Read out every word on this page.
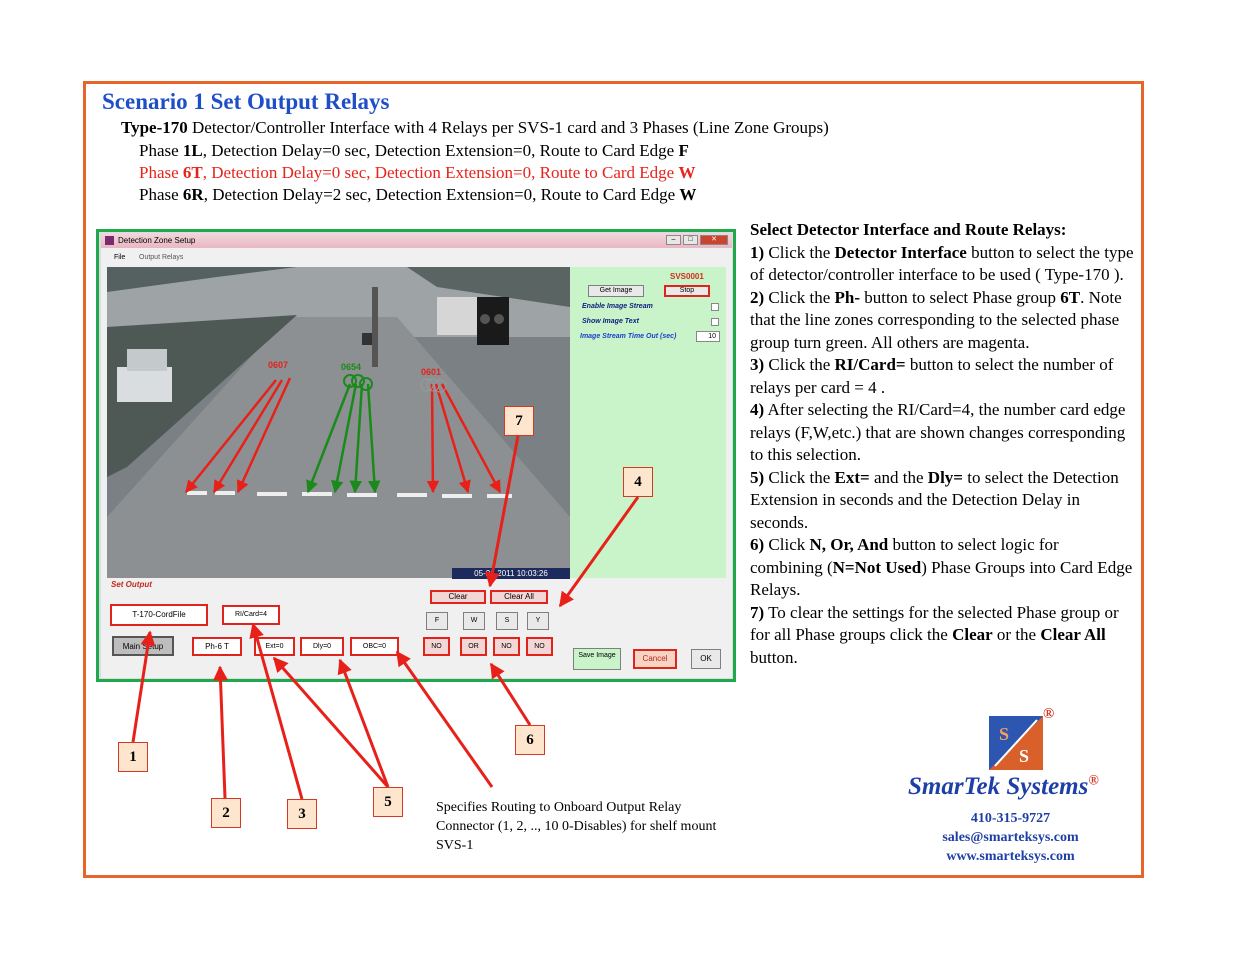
Scenario 1 Set Output Relays
Type-170 Detector/Controller Interface with 4 Relays per SVS-1 card and 3 Phases (Line Zone Groups)
Phase 1L, Detection Delay=0 sec, Detection Extension=0, Route to Card Edge F
Phase 6T, Detection Delay=0 sec, Detection Extension=0, Route to Card Edge W
Phase 6R, Detection Delay=2 sec, Detection Extension=0, Route to Card Edge W
Detection Zone Setup	–	□	✕
File Output Relays
05-21-2011 10:03:26
SVS0001
Get Image	Stop
Enable Image Stream
Show Image Text
Image Stream Time Out (sec)	10
Set Output
Clear	Clear All
F	W	S	Y
T-170-CordFile	RI/Card=4
Main Setup	Ph-6 T	Ext=0	Dly=0	OBC=0	NO	OR	NO	NO
Save Image	Cancel	OK
0607	0654	0601
1
2	3
4
5
6
7
Specifies Routing to Onboard Output Relay Connector (1, 2, .., 10 0-Disables) for shelf mount SVS-1
Select Detector Interface and Route Relays:
1) Click the Detector Interface button to select the type of detector/controller interface to be used ( Type-170 ).
2) Click the Ph- button to select Phase group 6T. Note that the line zones corresponding to the selected phase group turn green. All others are magenta.
3) Click the RI/Card= button to select the number of relays per card = 4 .
4) After selecting the RI/Card=4, the number card edge relays (F,W,etc.) that are shown changes corresponding to this selection.
5) Click the Ext= and the Dly= to select the Detection Extension in seconds and the Detection Delay in seconds.
6) Click N, Or, And button to select logic for combining (N=Not Used) Phase Groups into Card Edge Relays.
7) To clear the settings for the selected Phase group or for all Phase groups click the Clear or the Clear All button.
S
S
®
SmarTek Systems®
410-315-9727
sales@smarteksys.com
www.smarteksys.com
